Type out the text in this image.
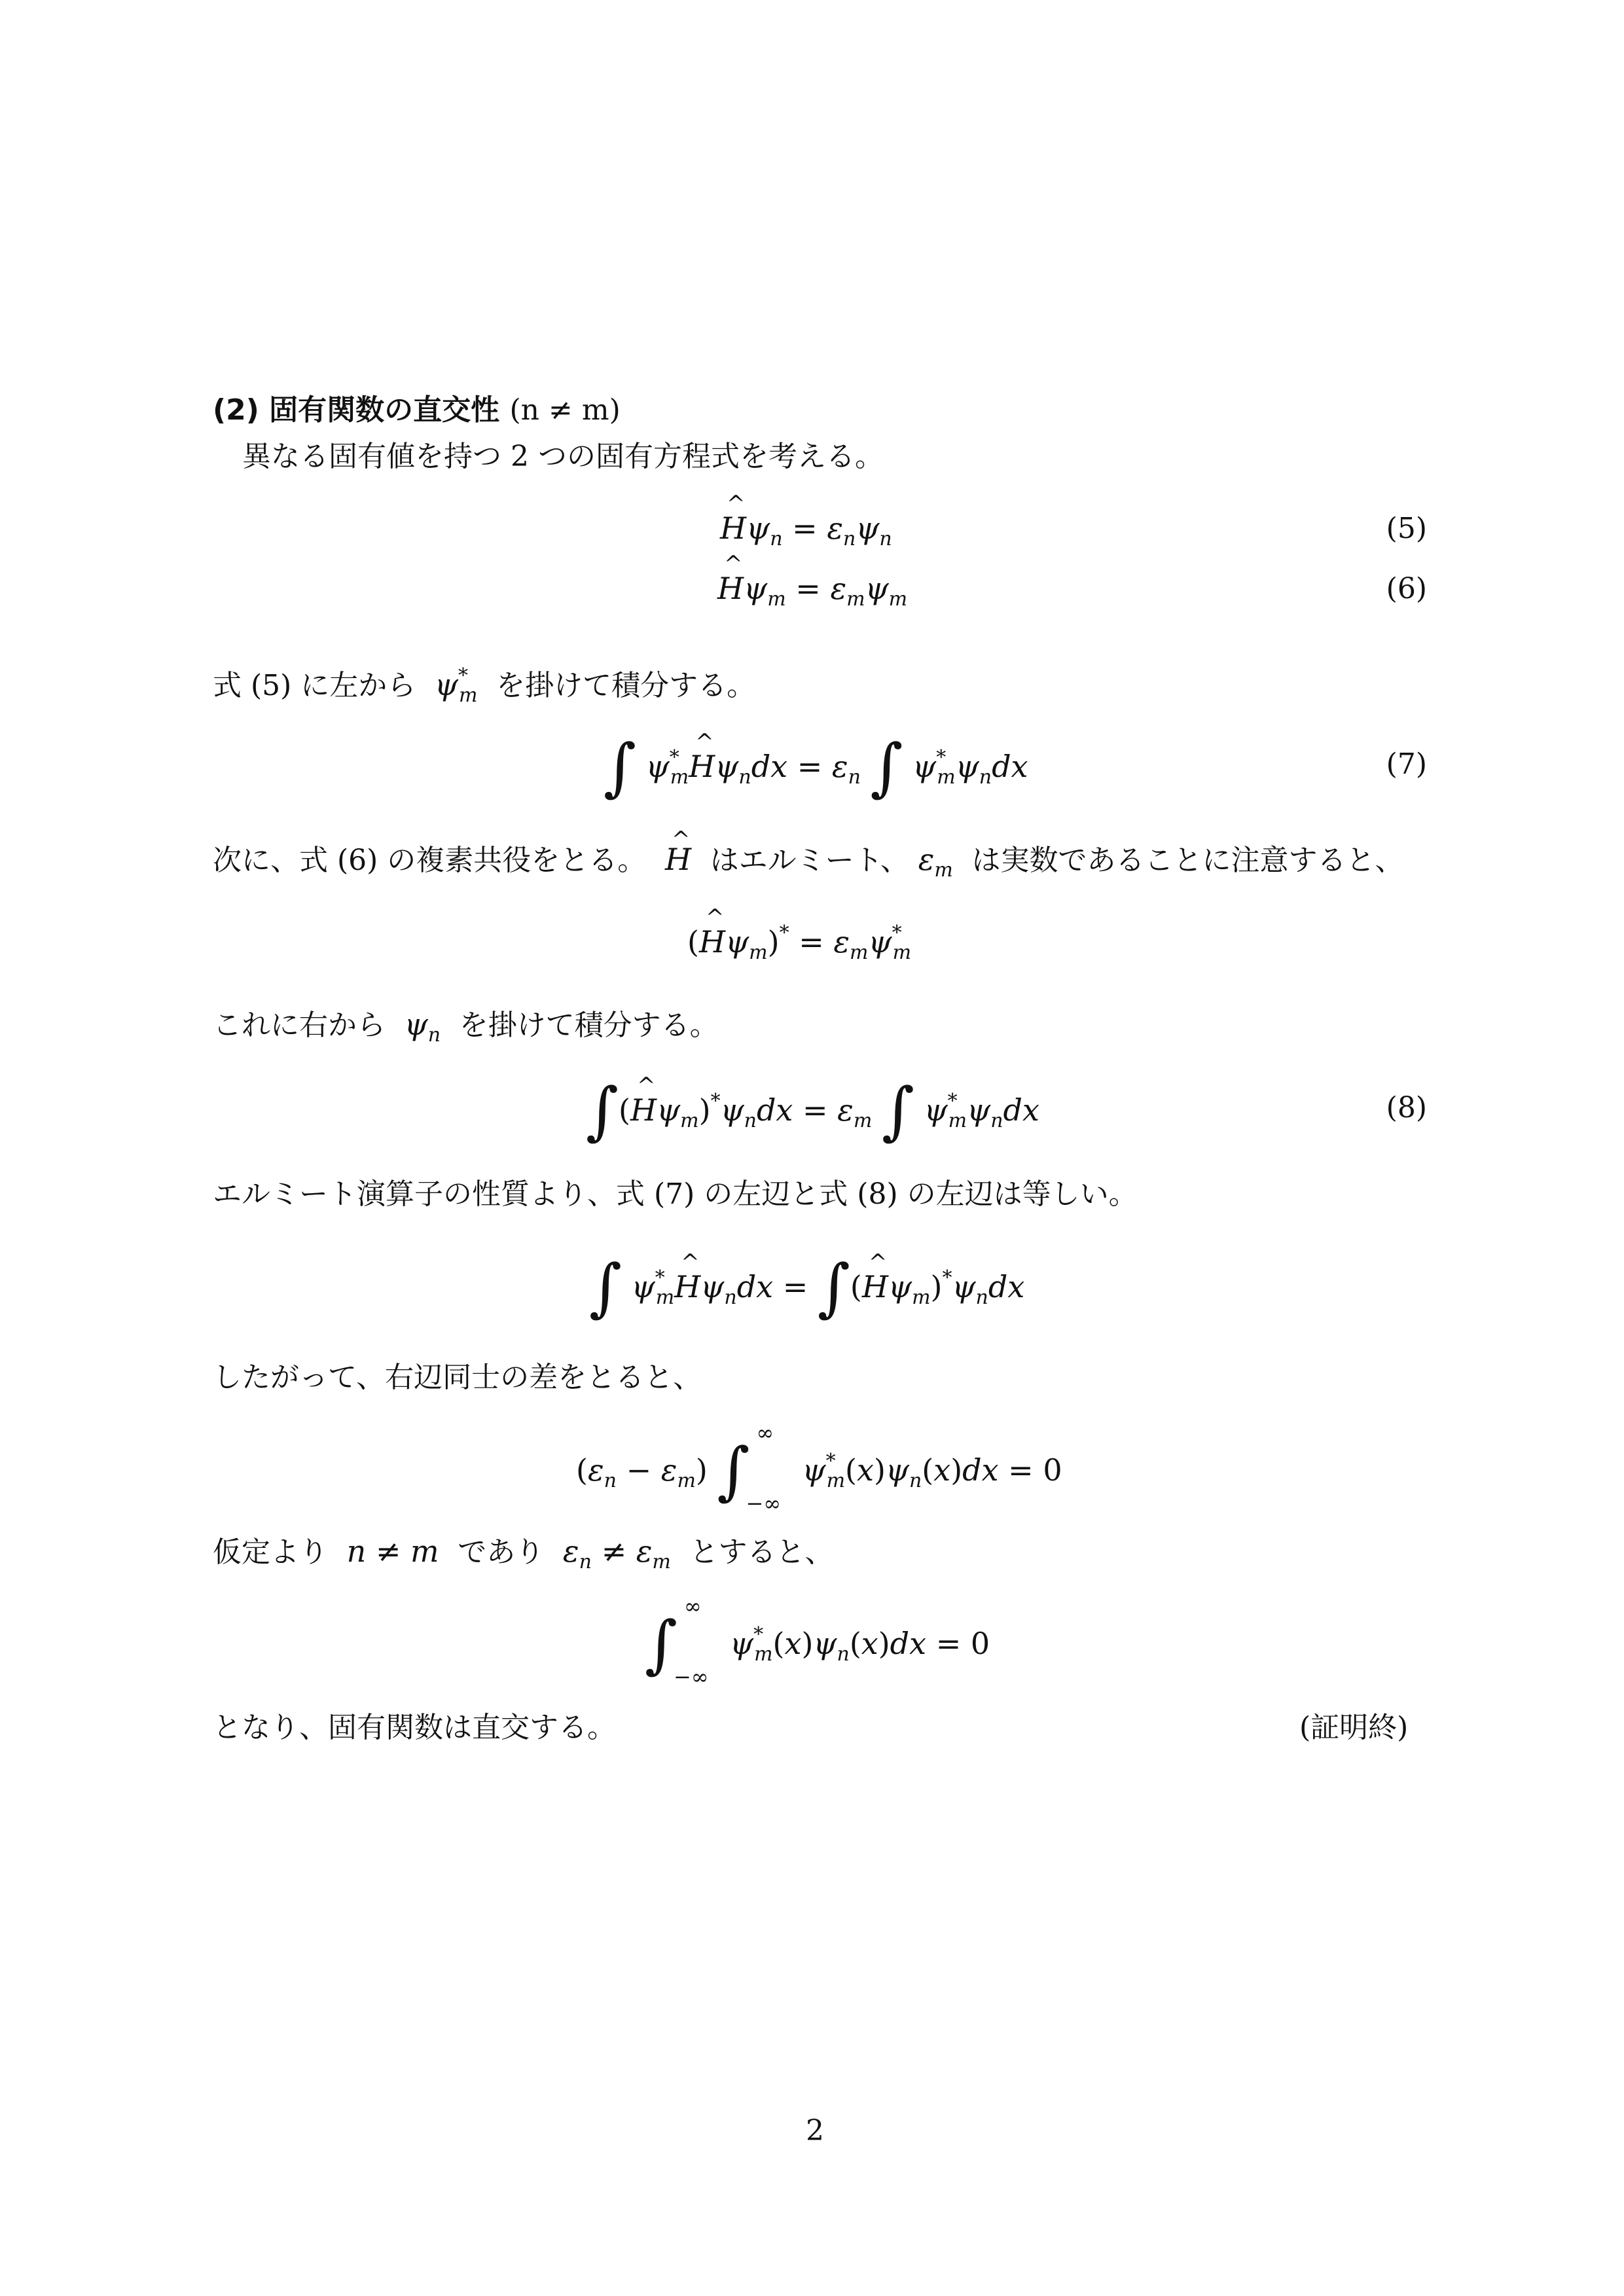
(2) 固有関数の直交性 (n ≠ m)
異なる固有値を持つ 2 つの固有方程式を考える。
^ $H\psi_n = \varepsilon_n\psi_n$	(5)
^ $H\psi_m = \varepsilon_m\psi_m$	(6)
式 (5) に左から  $\psi^*_m$ を掛けて積分する。
∫ $\psi^*_m\^{}$ $H\psi_ndx = \varepsilon_n$ ∫ $\psi^*_m\psi_ndx$	(7)
次に、式 (6) の複素共役をとる。  ^ H はエルミート、 $\varepsilon_m$ は実数であることに注意すると、
(^ $H\psi_m)^* = \varepsilon_m\psi^*_m$
これに右から  $\psi_n$ を掛けて積分する。
∫(^ $H\psi_m)^*\psi_ndx = \varepsilon_m$ ∫ $\psi^*_m\psi_ndx$	(8)
エルミート演算子の性質より、式 (7) の左辺と式 (8) の左辺は等しい。
∫ $\psi^*_m\^{}$ $H\psi_ndx$ = ∫(^ $H\psi_m)^*\psi_ndx$
したがって、右辺同士の差をとると、
$(\varepsilon_n - \varepsilon_m)$ ∫
∞
−∞
$\psi^*_m(x)\psi_n(x)dx = 0$
仮定より  n ≠ m  であり  $\varepsilon_n \ne \varepsilon_m$ とすると、
∫
∞
−∞
$\psi^*_m(x)\psi_n(x)dx = 0$
となり、固有関数は直交する。	(証明終)
2
